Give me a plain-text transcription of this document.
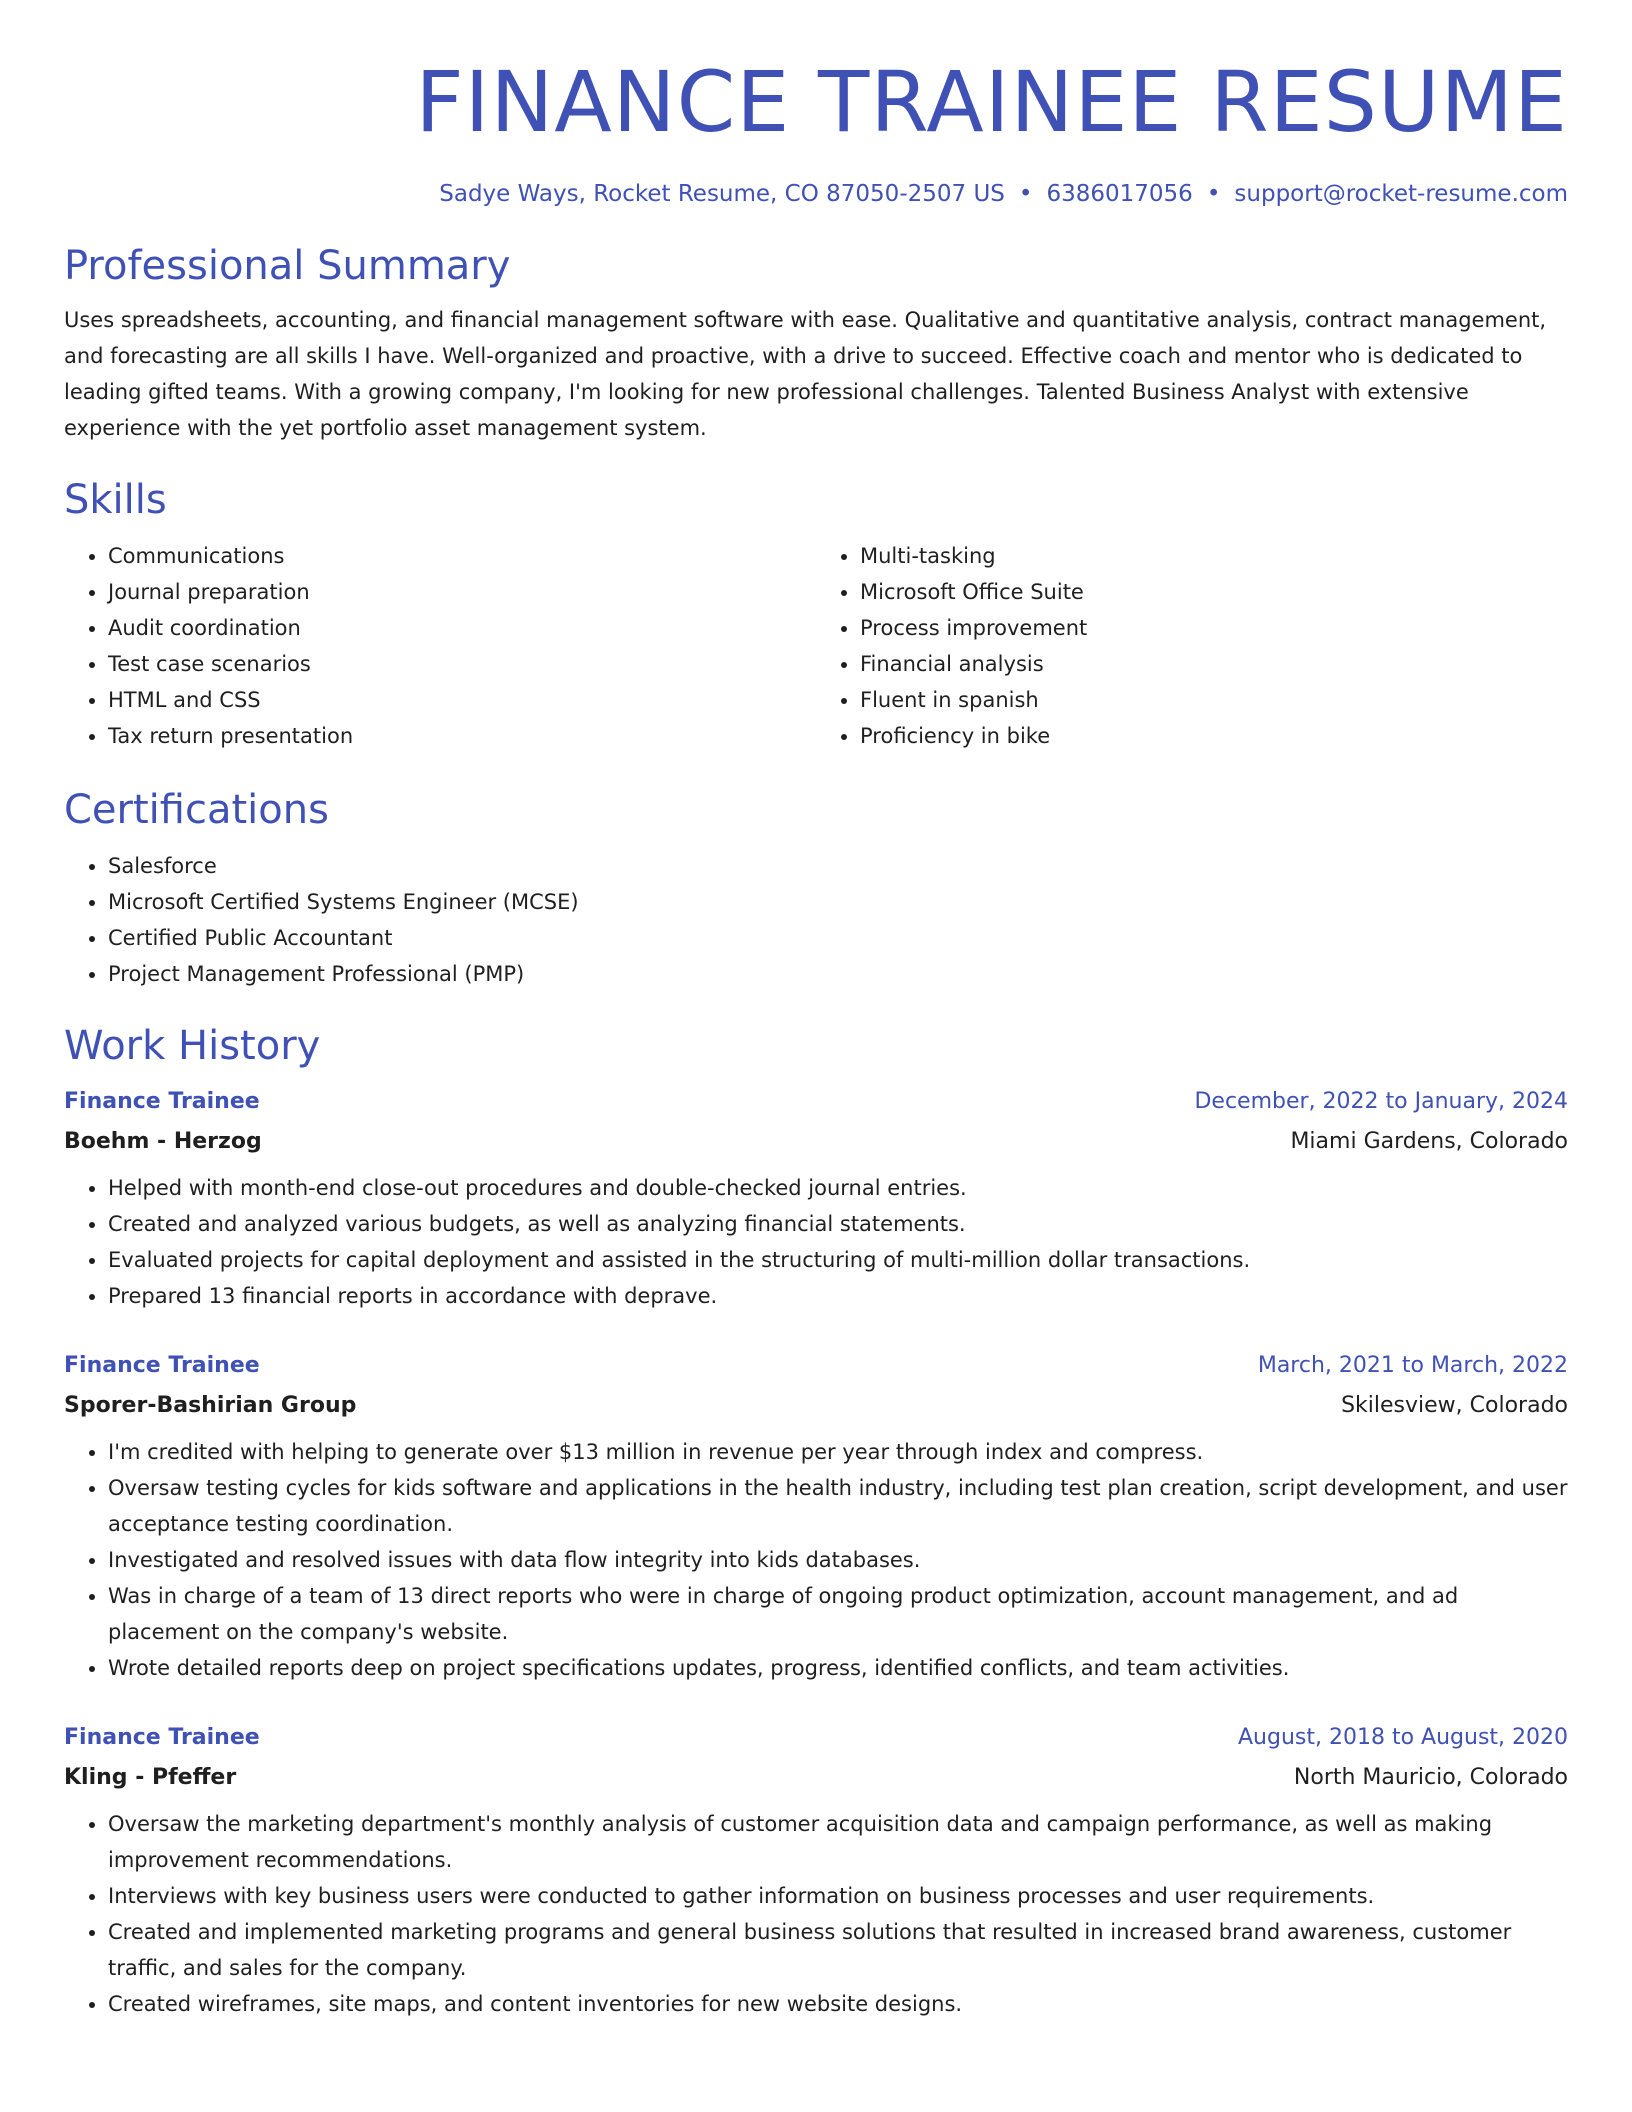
FINANCE TRAINEE RESUME
Sadye Ways, Rocket Resume, CO 87050-2507 US • 6386017056 • support@rocket-resume.com
Professional Summary

Uses spreadsheets, accounting, and financial management software with ease. Qualitative and quantitative analysis, contract management, and forecasting are all skills I have. Well-organized and proactive, with a drive to succeed. Effective coach and mentor who is dedicated to leading gifted teams. With a growing company, I'm looking for new professional challenges. Talented Business Analyst with extensive experience with the yet portfolio asset management system.

Skills
• Communications
• Journal preparation
• Audit coordination
• Test case scenarios
• HTML and CSS
• Tax return presentation
• Multi-tasking
• Microsoft Office Suite
• Process improvement
• Financial analysis
• Fluent in spanish
• Proficiency in bike
Certifications
• Salesforce
• Microsoft Certified Systems Engineer (MCSE)
• Certified Public Accountant
• Project Management Professional (PMP)
Work History
Finance Trainee	December, 2022 to January, 2024
Boehm - Herzog	Miami Gardens, Colorado
• Helped with month-end close-out procedures and double-checked journal entries.
• Created and analyzed various budgets, as well as analyzing financial statements.
• Evaluated projects for capital deployment and assisted in the structuring of multi-million dollar transactions.
• Prepared 13 financial reports in accordance with deprave.
Finance Trainee	March, 2021 to March, 2022
Sporer-Bashirian Group	Skilesview, Colorado
• I'm credited with helping to generate over $13 million in revenue per year through index and compress.
• Oversaw testing cycles for kids software and applications in the health industry, including test plan creation, script development, and user acceptance testing coordination.
• Investigated and resolved issues with data flow integrity into kids databases.
• Was in charge of a team of 13 direct reports who were in charge of ongoing product optimization, account management, and ad placement on the company's website.
• Wrote detailed reports deep on project specifications updates, progress, identified conflicts, and team activities.
Finance Trainee	August, 2018 to August, 2020
Kling - Pfeffer	North Mauricio, Colorado
• Oversaw the marketing department's monthly analysis of customer acquisition data and campaign performance, as well as making improvement recommendations.
• Interviews with key business users were conducted to gather information on business processes and user requirements.
• Created and implemented marketing programs and general business solutions that resulted in increased brand awareness, customer traffic, and sales for the company.
• Created wireframes, site maps, and content inventories for new website designs.
